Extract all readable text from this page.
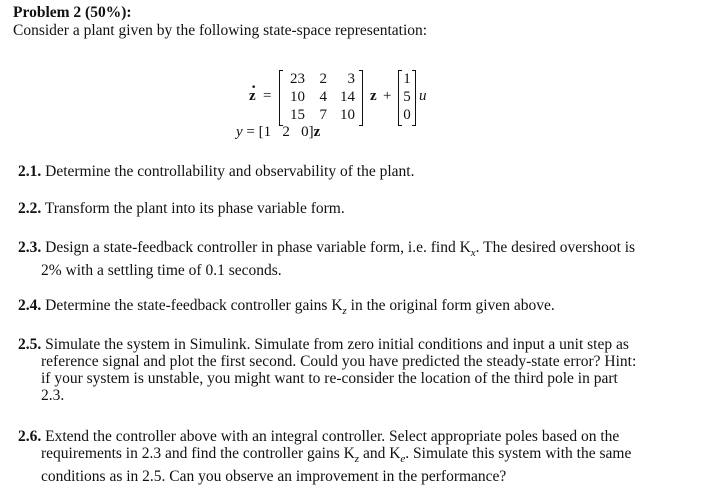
Problem 2 (50%):
Consider a plant given by the following state-space representation:
· z =
23 2	3
10 4 14
15 7 10
z +
1
5
0
u
y = [1   2   0]z
2.1. Determine the controllability and observability of the plant.
2.2. Transform the plant into its phase variable form.
2.3. Design a state-feedback controller in phase variable form, i.e. find $K_x$. The desired overshoot is
2% with a settling time of 0.1 seconds.
2.4. Determine the state-feedback controller gains $K_z$ in the original form given above.
2.5. Simulate the system in Simulink. Simulate from zero initial conditions and input a unit step as
reference signal and plot the first second. Could you have predicted the steady-state error? Hint:
if your system is unstable, you might want to re-consider the location of the third pole in part
2.3.
2.6. Extend the controller above with an integral controller. Select appropriate poles based on the
requirements in 2.3 and find the controller gains $K_z$ and $K_e$. Simulate this system with the same
conditions as in 2.5. Can you observe an improvement in the performance?
